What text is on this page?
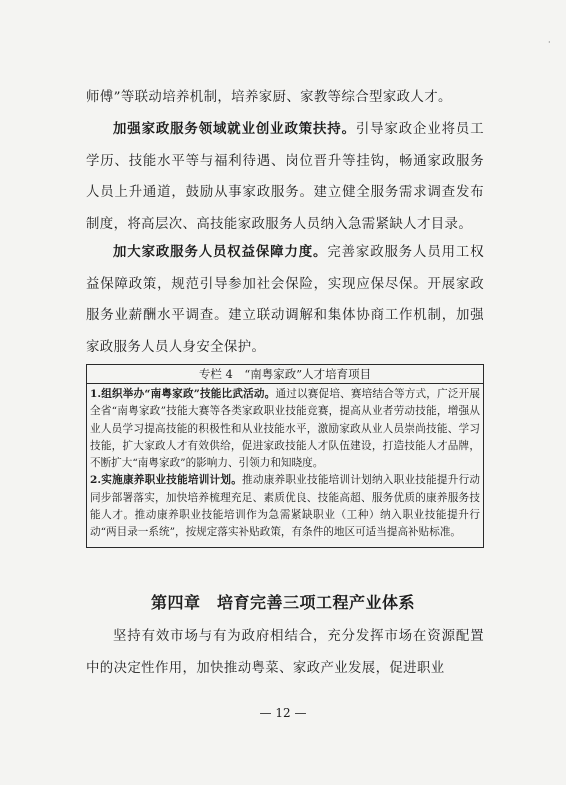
·

师傅”等联动培养机制，培养家厨、家教等综合型家政人才。

加强家政服务领域就业创业政策扶持。引导家政企业将员工学历、技能水平等与福利待遇、岗位晋升等挂钩，畅通家政服务人员上升通道，鼓励从事家政服务。建立健全服务需求调查发布制度，将高层次、高技能家政服务人员纳入急需紧缺人才目录。

加大家政服务人员权益保障力度。完善家政服务人员用工权益保障政策，规范引导参加社会保险，实现应保尽保。开展家政服务业薪酬水平调查。建立联动调解和集体协商工作机制，加强家政服务人员人身安全保护。

专栏 4　“南粤家政”人才培育项目
1.组织举办“南粤家政”技能比武活动。通过以赛促培、赛培结合等方式，广泛开展全省“南粤家政”技能大赛等各类家政职业技能竞赛，提高从业者劳动技能，增强从业人员学习提高技能的积极性和从业技能水平，激励家政从业人员崇尚技能、学习技能，扩大家政人才有效供给，促进家政技能人才队伍建设，打造技能人才品牌，不断扩大“南粤家政”的影响力、引领力和知晓度。
2.实施康养职业技能培训计划。推动康养职业技能培训计划纳入职业技能提升行动同步部署落实，加快培养梳理充足、素质优良、技能高超、服务优质的康养服务技能人才。推动康养职业技能培训作为急需紧缺职业（工种）纳入职业技能提升行动“两目录一系统”，按规定落实补贴政策，有条件的地区可适当提高补贴标准。
第四章　培育完善三项工程产业体系

坚持有效市场与有为政府相结合，充分发挥市场在资源配置中的决定性作用，加快推动粤菜、家政产业发展，促进职业

— 12 —
